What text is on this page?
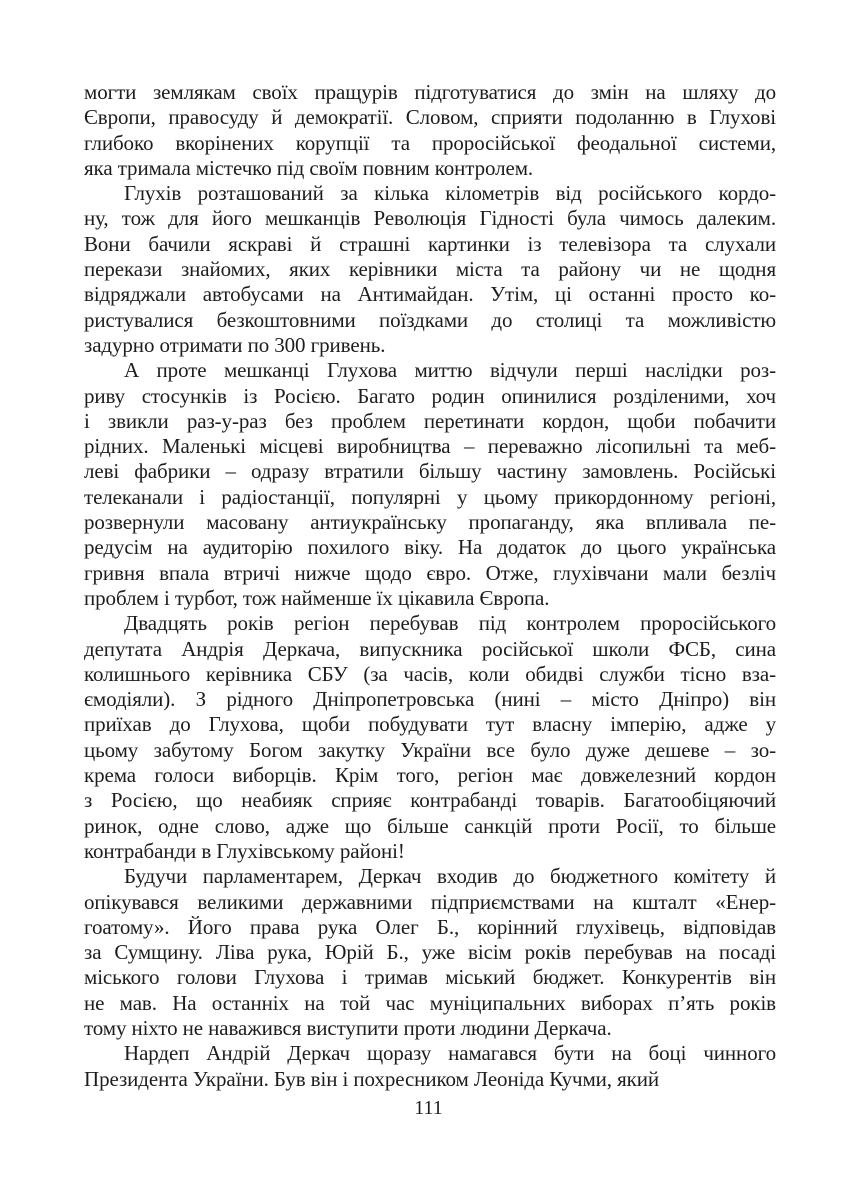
могти землякам своїх пращурів підготуватися до змін на шляху до
Європи, правосуду й демократії. Словом, сприяти подоланню в Глухові
глибоко вкорінених корупції та проросійської феодальної системи,
яка тримала містечко під своїм повним контролем.
Глухів розташований за кілька кілометрів від російського кордо-
ну, тож для його мешканців Революція Гідності була чимось далеким.
Вони бачили яскраві й страшні картинки із телевізора та слухали
перекази знайомих, яких керівники міста та району чи не щодня
відряджали автобусами на Антимайдан. Утім, ці останні просто ко-
ристувалися безкоштовними поїздками до столиці та можливістю
задурно отримати по 300 гривень.
А проте мешканці Глухова миттю відчули перші наслідки роз-
риву стосунків із Росією. Багато родин опинилися розділеними, хоч
і звикли раз-у-раз без проблем перетинати кордон, щоби побачити
рідних. Маленькі місцеві виробництва – переважно лісопильні та меб-
леві фабрики – одразу втратили більшу частину замовлень. Російські
телеканали і радіостанції, популярні у цьому прикордонному регіоні,
розвернули масовану антиукраїнську пропаганду, яка впливала пе-
редусім на аудиторію похилого віку. На додаток до цього українська
гривня впала втричі нижче щодо євро. Отже, глухівчани мали безліч
проблем і турбот, тож найменше їх цікавила Європа.
Двадцять років регіон перебував під контролем проросійського
депутата Андрія Деркача, випускника російської школи ФСБ, сина
колишнього керівника СБУ (за часів, коли обидві служби тісно вза-
ємодіяли). З рідного Дніпропетровська (нині – місто Дніпро) він
приїхав до Глухова, щоби побудувати тут власну імперію, адже у
цьому забутому Богом закутку України все було дуже дешеве – зо-
крема голоси виборців. Крім того, регіон має довжелезний кордон
з Росією, що неабияк сприяє контрабанді товарів. Багатообіцяючий
ринок, одне слово, адже що більше санкцій проти Росії, то більше
контрабанди в Глухівському районі!
Будучи парламентарем, Деркач входив до бюджетного комітету й
опікувався великими державними підприємствами на кшталт «Енер-
гоатому». Його права рука Олег Б., корінний глухівець, відповідав
за Сумщину. Ліва рука, Юрій Б., уже вісім років перебував на посаді
міського голови Глухова і тримав міський бюджет. Конкурентів він
не мав. На останніх на той час муніципальних виборах п’ять років
тому ніхто не наважився виступити проти людини Деркача.
Нардеп Андрій Деркач щоразу намагався бути на боці чинного
Президента України. Був він і похресником Леоніда Кучми, який
111
